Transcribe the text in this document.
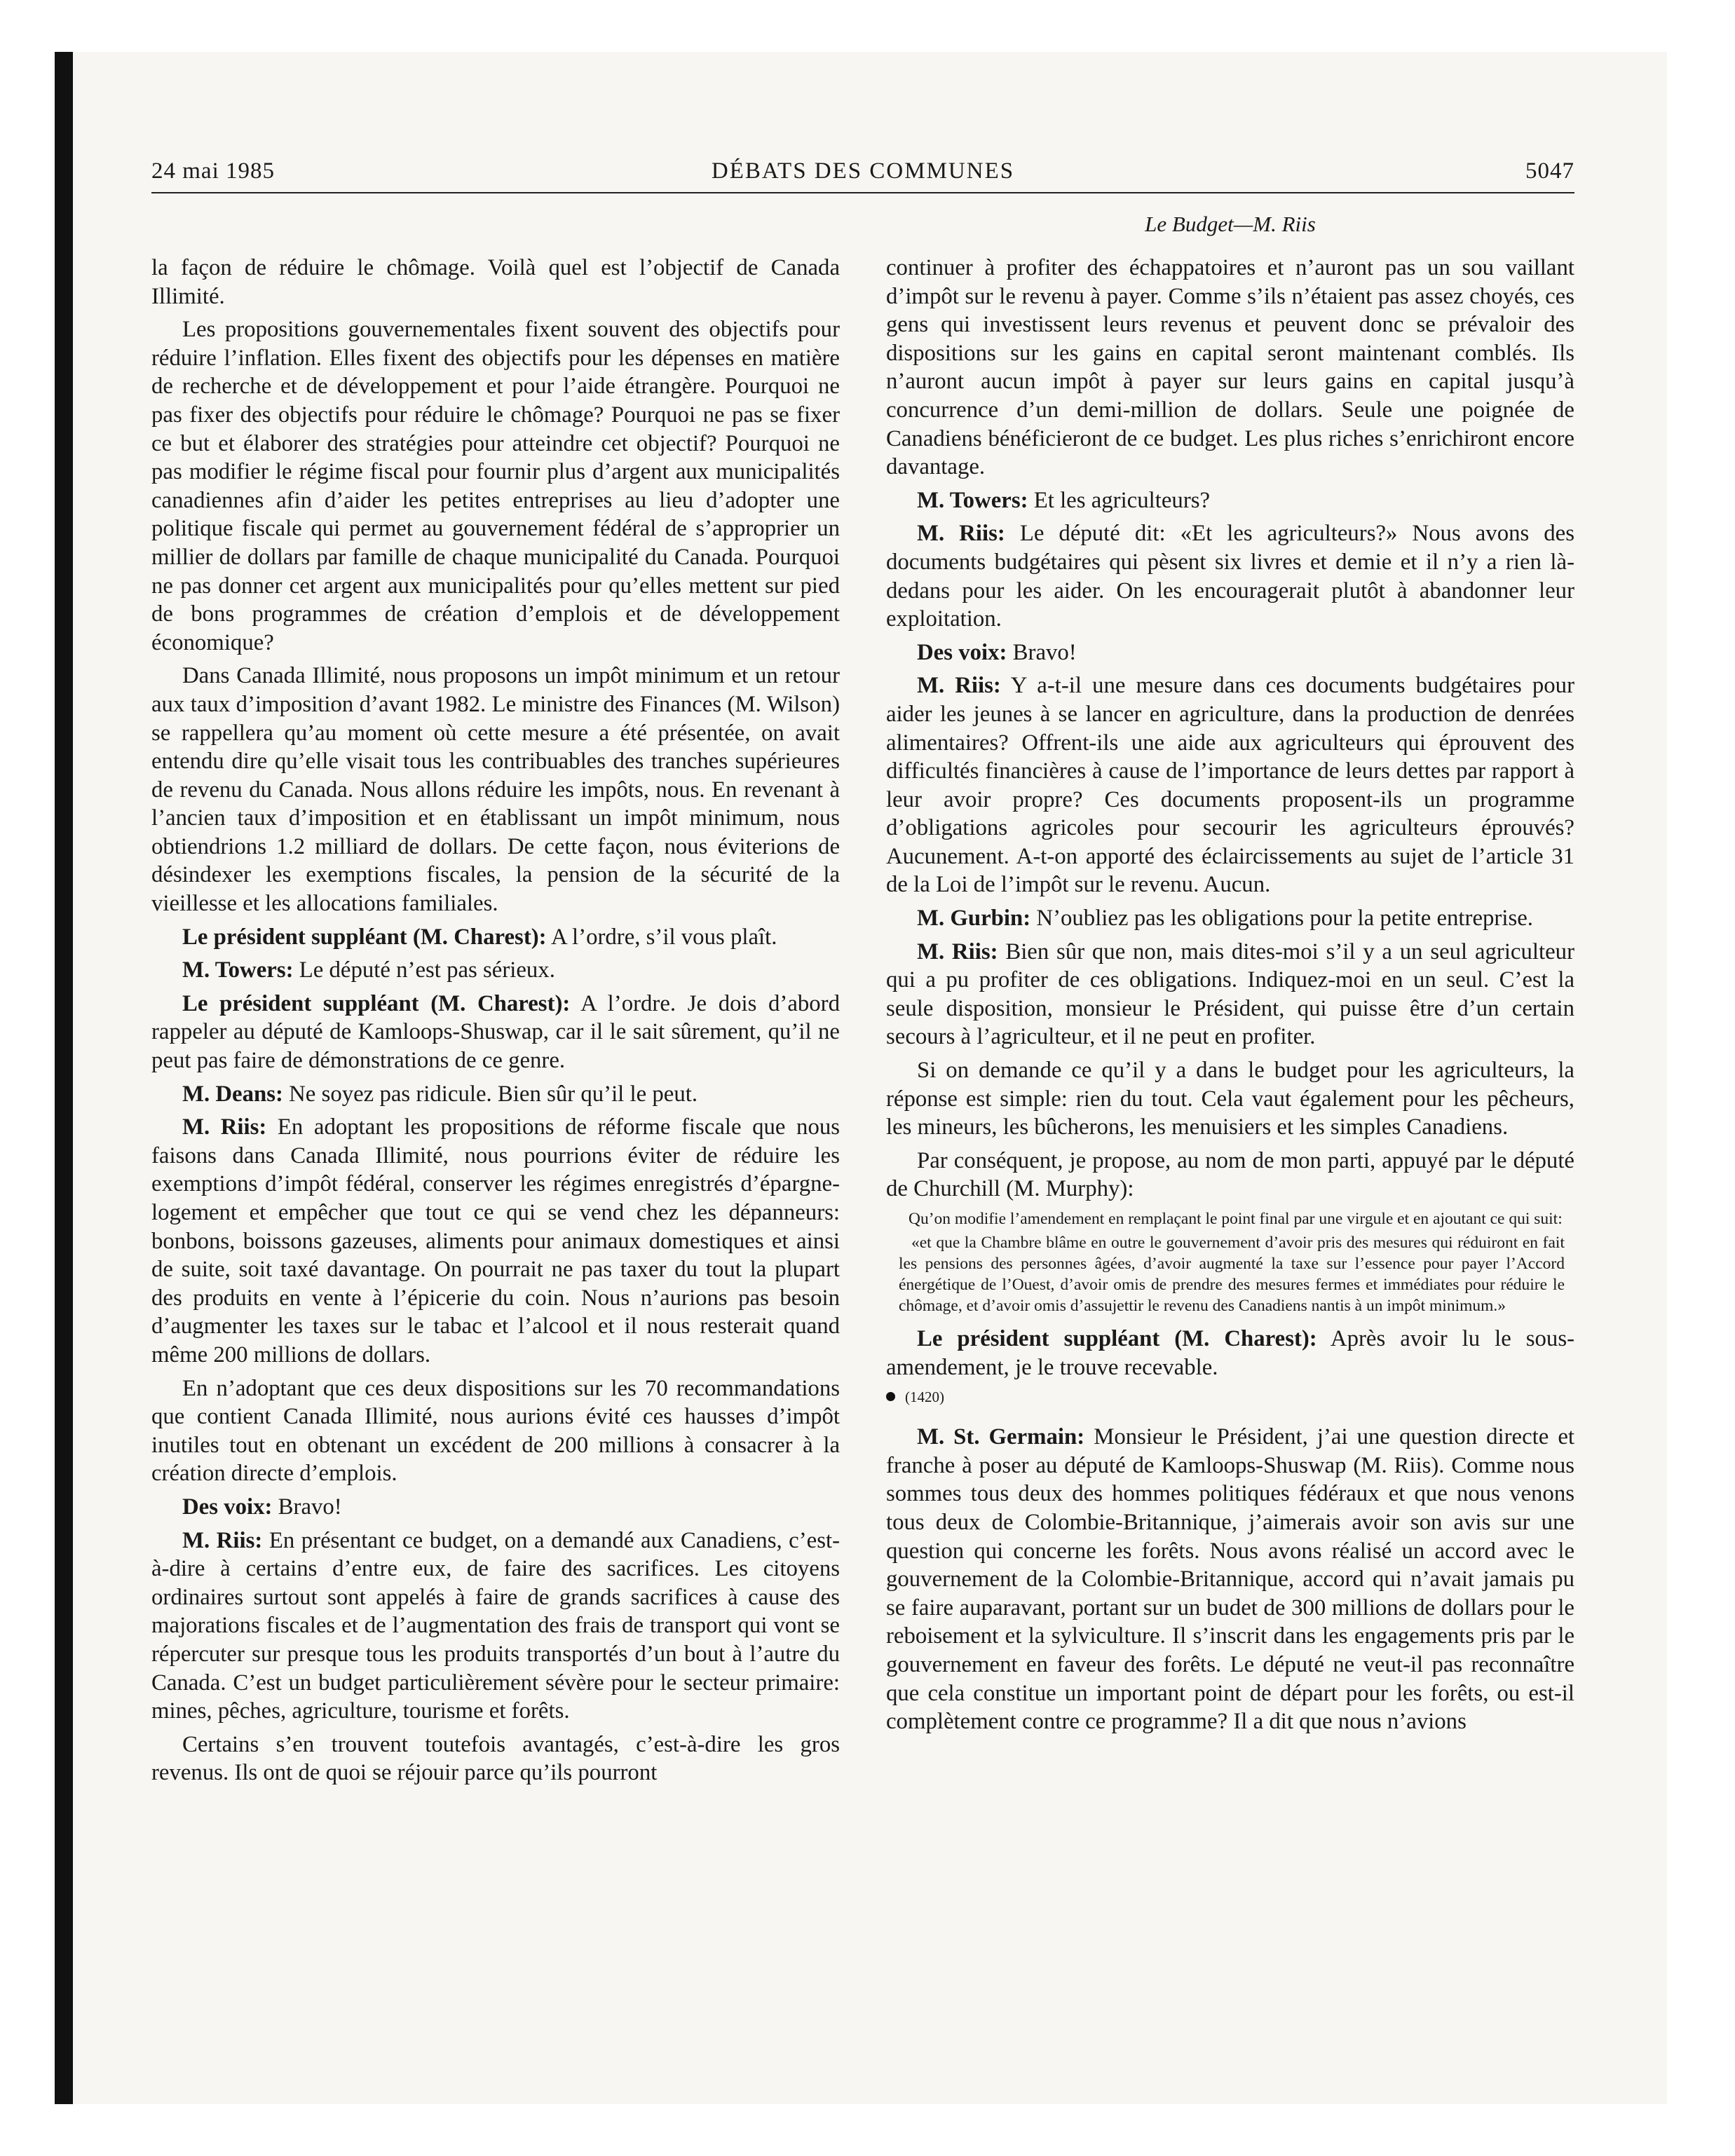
24 mai 1985	DÉBATS DES COMMUNES	5047
Le Budget—M. Riis

la façon de réduire le chômage. Voilà quel est l’objectif de Canada Illimité.

Les propositions gouvernementales fixent souvent des objectifs pour réduire l’inflation. Elles fixent des objectifs pour les dépenses en matière de recherche et de développement et pour l’aide étrangère. Pourquoi ne pas fixer des objectifs pour réduire le chômage? Pourquoi ne pas se fixer ce but et élaborer des stratégies pour atteindre cet objectif? Pourquoi ne pas modifier le régime fiscal pour fournir plus d’argent aux municipalités canadiennes afin d’aider les petites entreprises au lieu d’adopter une politique fiscale qui permet au gouvernement fédéral de s’approprier un millier de dollars par famille de chaque municipalité du Canada. Pourquoi ne pas donner cet argent aux municipalités pour qu’elles mettent sur pied de bons programmes de création d’emplois et de développement économique?

Dans Canada Illimité, nous proposons un impôt minimum et un retour aux taux d’imposition d’avant 1982. Le ministre des Finances (M. Wilson) se rappellera qu’au moment où cette mesure a été présentée, on avait entendu dire qu’elle visait tous les contribuables des tranches supérieures de revenu du Canada. Nous allons réduire les impôts, nous. En revenant à l’ancien taux d’imposition et en établissant un impôt minimum, nous obtiendrions 1.2 milliard de dollars. De cette façon, nous éviterions de désindexer les exemptions fiscales, la pension de la sécurité de la vieillesse et les allocations familiales.

Le président suppléant (M. Charest): A l’ordre, s’il vous plaît.

M. Towers: Le député n’est pas sérieux.

Le président suppléant (M. Charest): A l’ordre. Je dois d’abord rappeler au député de Kamloops-Shuswap, car il le sait sûrement, qu’il ne peut pas faire de démonstrations de ce genre.

M. Deans: Ne soyez pas ridicule. Bien sûr qu’il le peut.

M. Riis: En adoptant les propositions de réforme fiscale que nous faisons dans Canada Illimité, nous pourrions éviter de réduire les exemptions d’impôt fédéral, conserver les régimes enregistrés d’épargne-logement et empêcher que tout ce qui se vend chez les dépanneurs: bonbons, boissons gazeuses, aliments pour animaux domestiques et ainsi de suite, soit taxé davantage. On pourrait ne pas taxer du tout la plupart des produits en vente à l’épicerie du coin. Nous n’aurions pas besoin d’augmenter les taxes sur le tabac et l’alcool et il nous resterait quand même 200 millions de dollars.

En n’adoptant que ces deux dispositions sur les 70 recommandations que contient Canada Illimité, nous aurions évité ces hausses d’impôt inutiles tout en obtenant un excédent de 200 millions à consacrer à la création directe d’emplois.

Des voix: Bravo!

M. Riis: En présentant ce budget, on a demandé aux Canadiens, c’est-à-dire à certains d’entre eux, de faire des sacrifices. Les citoyens ordinaires surtout sont appelés à faire de grands sacrifices à cause des majorations fiscales et de l’augmentation des frais de transport qui vont se répercuter sur presque tous les produits transportés d’un bout à l’autre du Canada. C’est un budget particulièrement sévère pour le secteur primaire: mines, pêches, agriculture, tourisme et forêts.

Certains s’en trouvent toutefois avantagés, c’est-à-dire les gros revenus. Ils ont de quoi se réjouir parce qu’ils pourront

continuer à profiter des échappatoires et n’auront pas un sou vaillant d’impôt sur le revenu à payer. Comme s’ils n’étaient pas assez choyés, ces gens qui investissent leurs revenus et peuvent donc se prévaloir des dispositions sur les gains en capital seront maintenant comblés. Ils n’auront aucun impôt à payer sur leurs gains en capital jusqu’à concurrence d’un demi-million de dollars. Seule une poignée de Canadiens bénéficieront de ce budget. Les plus riches s’enrichiront encore davantage.

M. Towers: Et les agriculteurs?

M. Riis: Le député dit: «Et les agriculteurs?» Nous avons des documents budgétaires qui pèsent six livres et demie et il n’y a rien là-dedans pour les aider. On les encouragerait plutôt à abandonner leur exploitation.

Des voix: Bravo!

M. Riis: Y a-t-il une mesure dans ces documents budgétaires pour aider les jeunes à se lancer en agriculture, dans la production de denrées alimentaires? Offrent-ils une aide aux agriculteurs qui éprouvent des difficultés financières à cause de l’importance de leurs dettes par rapport à leur avoir propre? Ces documents proposent-ils un programme d’obligations agricoles pour secourir les agriculteurs éprouvés? Aucunement. A-t-on apporté des éclaircissements au sujet de l’article 31 de la Loi de l’impôt sur le revenu. Aucun.

M. Gurbin: N’oubliez pas les obligations pour la petite entreprise.

M. Riis: Bien sûr que non, mais dites-moi s’il y a un seul agriculteur qui a pu profiter de ces obligations. Indiquez-moi en un seul. C’est la seule disposition, monsieur le Président, qui puisse être d’un certain secours à l’agriculteur, et il ne peut en profiter.

Si on demande ce qu’il y a dans le budget pour les agriculteurs, la réponse est simple: rien du tout. Cela vaut également pour les pêcheurs, les mineurs, les bûcherons, les menuisiers et les simples Canadiens.

Par conséquent, je propose, au nom de mon parti, appuyé par le député de Churchill (M. Murphy):

Qu’on modifie l’amendement en remplaçant le point final par une virgule et en ajoutant ce qui suit:

«et que la Chambre blâme en outre le gouvernement d’avoir pris des mesures qui réduiront en fait les pensions des personnes âgées, d’avoir augmenté la taxe sur l’essence pour payer l’Accord énergétique de l’Ouest, d’avoir omis de prendre des mesures fermes et immédiates pour réduire le chômage, et d’avoir omis d’assujettir le revenu des Canadiens nantis à un impôt minimum.»

Le président suppléant (M. Charest): Après avoir lu le sous-amendement, je le trouve recevable.

(1420)

M. St. Germain: Monsieur le Président, j’ai une question directe et franche à poser au député de Kamloops-Shuswap (M. Riis). Comme nous sommes tous deux des hommes politiques fédéraux et que nous venons tous deux de Colombie-Britannique, j’aimerais avoir son avis sur une question qui concerne les forêts. Nous avons réalisé un accord avec le gouvernement de la Colombie-Britannique, accord qui n’avait jamais pu se faire auparavant, portant sur un budet de 300 millions de dollars pour le reboisement et la sylviculture. Il s’inscrit dans les engagements pris par le gouvernement en faveur des forêts. Le député ne veut-il pas reconnaître que cela constitue un important point de départ pour les forêts, ou est-il complètement contre ce programme? Il a dit que nous n’avions
